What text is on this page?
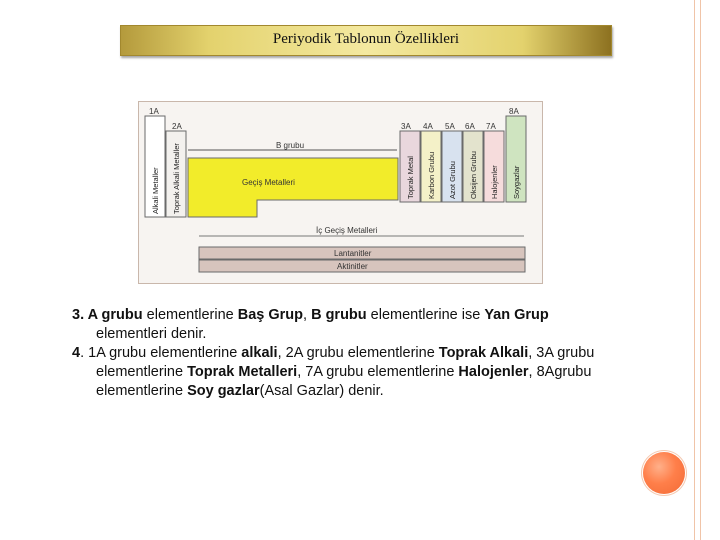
Periyodik Tablonun Özellikleri
1A
2A	3A 4A 5A 6A 7A
8A
Alkali Metaller Toprak Alkali Metaller	B grubu
Geçiş Metalleri	Toprak Metal Karbon Grubu Azot Grubu Oksijen Grubu Halojenler Soygazlar
İç Geçiş Metalleri
Lantanitler
Aktinitler

3. A grubu elementlerine Baş Grup, B grubu elementlerine ise Yan Grup

elementleri denir.

4. 1A grubu elementlerine alkali, 2A grubu elementlerine Toprak Alkali, 3A grubu

elementlerine Toprak Metalleri, 7A grubu elementlerine Halojenler, 8Agrubu

elementlerine Soy gazlar(Asal Gazlar) denir.
